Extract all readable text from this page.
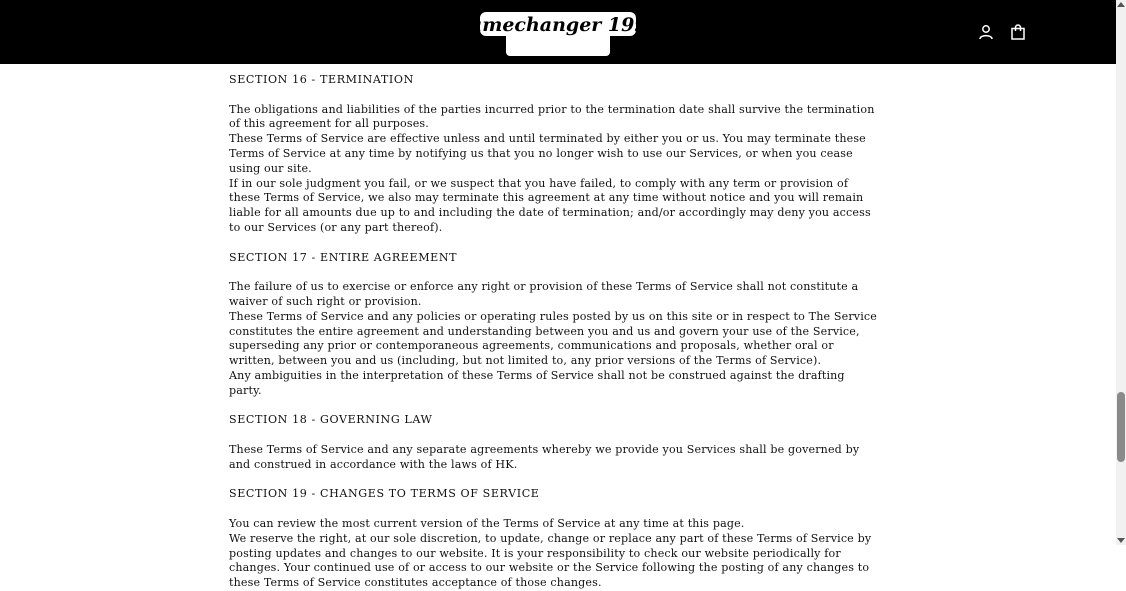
Gamechanger 199X
SECTION 16 - TERMINATION

The obligations and liabilities of the parties incurred prior to the termination date shall survive the termination of this agreement for all purposes.

These Terms of Service are effective unless and until terminated by either you or us. You may terminate these Terms of Service at any time by notifying us that you no longer wish to use our Services, or when you cease using our site.

If in our sole judgment you fail, or we suspect that you have failed, to comply with any term or provision of these Terms of Service, we also may terminate this agreement at any time without notice and you will remain liable for all amounts due up to and including the date of termination; and/or accordingly may deny you access to our Services (or any part thereof).

SECTION 17 - ENTIRE AGREEMENT

The failure of us to exercise or enforce any right or provision of these Terms of Service shall not constitute a waiver of such right or provision.

These Terms of Service and any policies or operating rules posted by us on this site or in respect to The Service constitutes the entire agreement and understanding between you and us and govern your use of the Service, superseding any prior or contemporaneous agreements, communications and proposals, whether oral or written, between you and us (including, but not limited to, any prior versions of the Terms of Service).

Any ambiguities in the interpretation of these Terms of Service shall not be construed against the drafting party.

SECTION 18 - GOVERNING LAW

These Terms of Service and any separate agreements whereby we provide you Services shall be governed by and construed in accordance with the laws of HK.

SECTION 19 - CHANGES TO TERMS OF SERVICE

You can review the most current version of the Terms of Service at any time at this page.

We reserve the right, at our sole discretion, to update, change or replace any part of these Terms of Service by posting updates and changes to our website. It is your responsibility to check our website periodically for changes. Your continued use of or access to our website or the Service following the posting of any changes to these Terms of Service constitutes acceptance of those changes.
